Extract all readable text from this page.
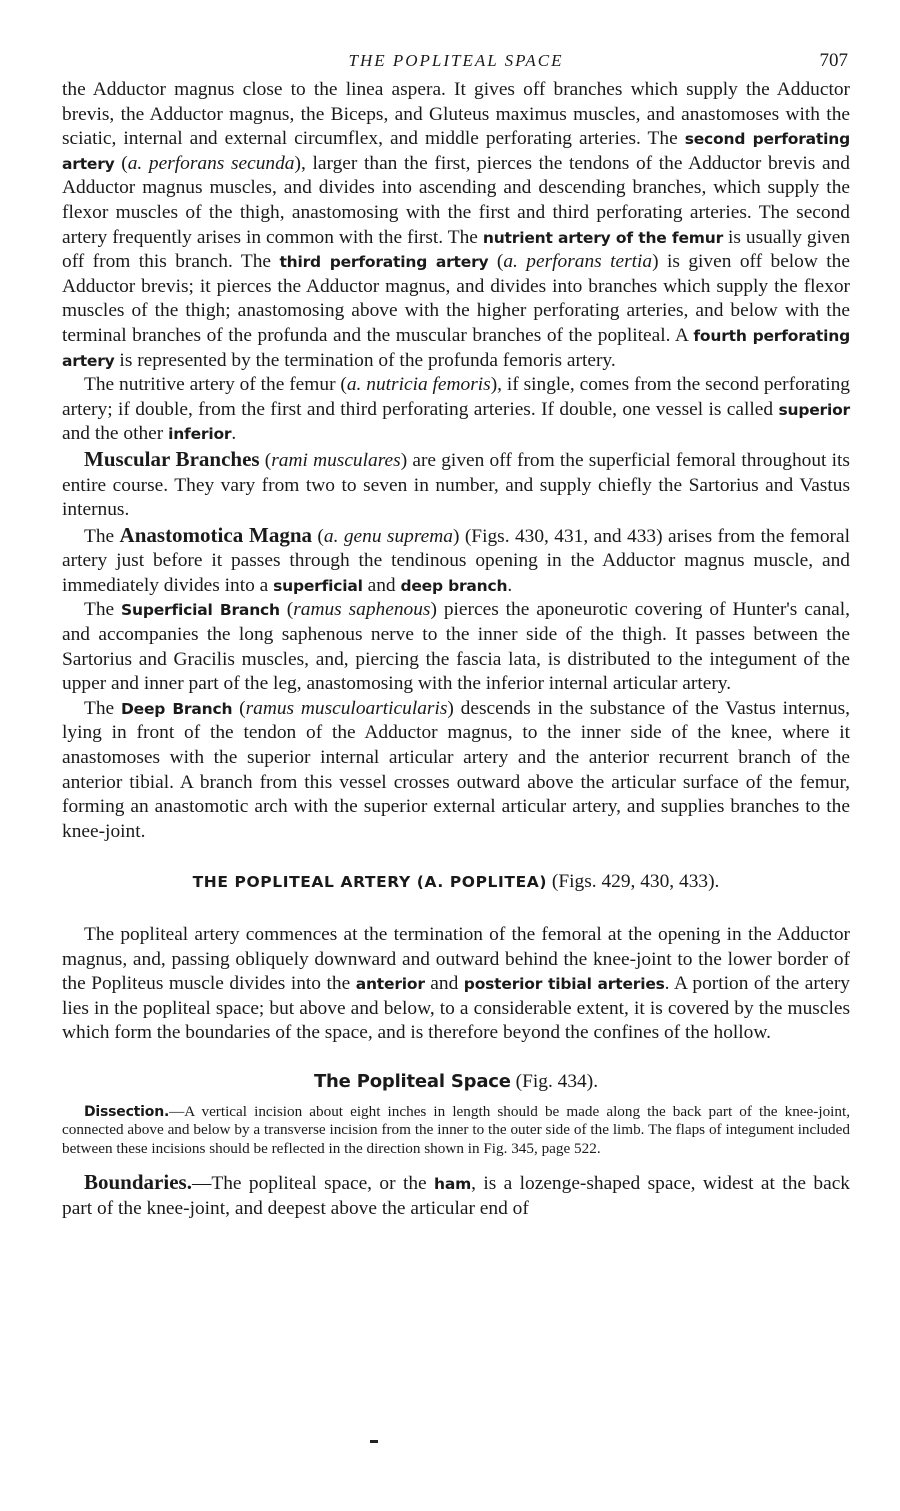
THE POPLITEAL SPACE	707

the Adductor magnus close to the linea aspera. It gives off branches which supply the Adductor brevis, the Adductor magnus, the Biceps, and Gluteus maximus muscles, and anastomoses with the sciatic, internal and external circumflex, and middle perforating arteries. The second perforating artery (a. perforans secunda), larger than the first, pierces the tendons of the Adductor brevis and Adductor magnus muscles, and divides into ascending and descending branches, which supply the flexor muscles of the thigh, anastomosing with the first and third perforating arteries. The second artery frequently arises in common with the first. The nutrient artery of the femur is usually given off from this branch. The third perforating artery (a. perforans tertia) is given off below the Adductor brevis; it pierces the Adductor magnus, and divides into branches which supply the flexor muscles of the thigh; anastomosing above with the higher perforating arteries, and below with the terminal branches of the profunda and the muscular branches of the popliteal. A fourth perforating artery is represented by the termination of the profunda femoris artery.

The nutritive artery of the femur (a. nutricia femoris), if single, comes from the second perforating artery; if double, from the first and third perforating arteries. If double, one vessel is called superior and the other inferior.

Muscular Branches (rami musculares) are given off from the superficial femoral throughout its entire course. They vary from two to seven in number, and supply chiefly the Sartorius and Vastus internus.

The Anastomotica Magna (a. genu suprema) (Figs. 430, 431, and 433) arises from the femoral artery just before it passes through the tendinous opening in the Adductor magnus muscle, and immediately divides into a superficial and deep branch.

The Superficial Branch (ramus saphenous) pierces the aponeurotic covering of Hunter's canal, and accompanies the long saphenous nerve to the inner side of the thigh. It passes between the Sartorius and Gracilis muscles, and, piercing the fascia lata, is distributed to the integument of the upper and inner part of the leg, anastomosing with the inferior internal articular artery.

The Deep Branch (ramus musculoarticularis) descends in the substance of the Vastus internus, lying in front of the tendon of the Adductor magnus, to the inner side of the knee, where it anastomoses with the superior internal articular artery and the anterior recurrent branch of the anterior tibial. A branch from this vessel crosses outward above the articular surface of the femur, forming an anastomotic arch with the superior external articular artery, and supplies branches to the knee-joint.

THE POPLITEAL ARTERY (A. POPLITEA) (Figs. 429, 430, 433).

The popliteal artery commences at the termination of the femoral at the opening in the Adductor magnus, and, passing obliquely downward and outward behind the knee-joint to the lower border of the Popliteus muscle divides into the anterior and posterior tibial arteries. A portion of the artery lies in the popliteal space; but above and below, to a considerable extent, it is covered by the muscles which form the boundaries of the space, and is therefore beyond the confines of the hollow.

The Popliteal Space (Fig. 434).

Dissection.—A vertical incision about eight inches in length should be made along the back part of the knee-joint, connected above and below by a transverse incision from the inner to the outer side of the limb. The flaps of integument included between these incisions should be reflected in the direction shown in Fig. 345, page 522.

Boundaries.—The popliteal space, or the ham, is a lozenge-shaped space, widest at the back part of the knee-joint, and deepest above the articular end of
